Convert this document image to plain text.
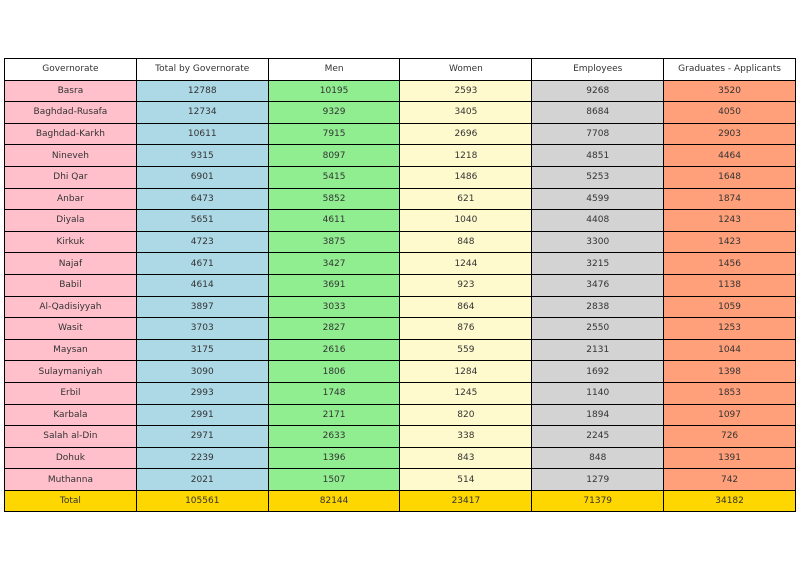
Governorate	Total by Governorate	Men	Women	Employees	Graduates - Applicants
Basra	12788	10195	2593	9268	3520
Baghdad-Rusafa	12734	9329	3405	8684	4050
Baghdad-Karkh	10611	7915	2696	7708	2903
Nineveh	9315	8097	1218	4851	4464
Dhi Qar	6901	5415	1486	5253	1648
Anbar	6473	5852	621	4599	1874
Diyala	5651	4611	1040	4408	1243
Kirkuk	4723	3875	848	3300	1423
Najaf	4671	3427	1244	3215	1456
Babil	4614	3691	923	3476	1138
Al-Qadisiyyah	3897	3033	864	2838	1059
Wasit	3703	2827	876	2550	1253
Maysan	3175	2616	559	2131	1044
Sulaymaniyah	3090	1806	1284	1692	1398
Erbil	2993	1748	1245	1140	1853
Karbala	2991	2171	820	1894	1097
Salah al-Din	2971	2633	338	2245	726
Dohuk	2239	1396	843	848	1391
Muthanna	2021	1507	514	1279	742
Total	105561	82144	23417	71379	34182
